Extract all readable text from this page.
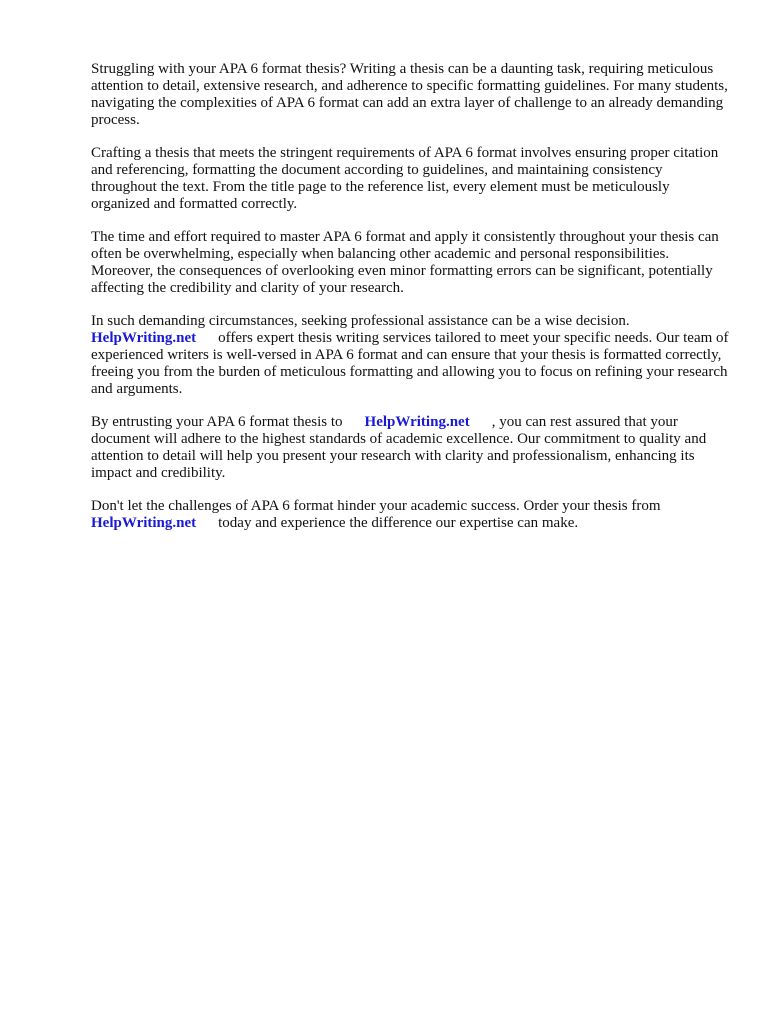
Struggling with your APA 6 format thesis? Writing a thesis can be a daunting task, requiring meticulous attention to detail, extensive research, and adherence to specific formatting guidelines. For many students, navigating the complexities of APA 6 format can add an extra layer of challenge to an already demanding process.

Crafting a thesis that meets the stringent requirements of APA 6 format involves ensuring proper citation and referencing, formatting the document according to guidelines, and maintaining consistency throughout the text. From the title page to the reference list, every element must be meticulously organized and formatted correctly.

The time and effort required to master APA 6 format and apply it consistently throughout your thesis can often be overwhelming, especially when balancing other academic and personal responsibilities. Moreover, the consequences of overlooking even minor formatting errors can be significant, potentially affecting the credibility and clarity of your research.

In such demanding circumstances, seeking professional assistance can be a wise decision.
HelpWriting.net offers expert thesis writing services tailored to meet your specific needs. Our team of experienced writers is well-versed in APA 6 format and can ensure that your thesis is formatted correctly, freeing you from the burden of meticulous formatting and allowing you to focus on refining your research and arguments.

By entrusting your APA 6 format thesis to HelpWriting.net , you can rest assured that your document will adhere to the highest standards of academic excellence. Our commitment to quality and attention to detail will help you present your research with clarity and professionalism, enhancing its impact and credibility.

Don't let the challenges of APA 6 format hinder your academic success. Order your thesis from
HelpWriting.net today and experience the difference our expertise can make.
